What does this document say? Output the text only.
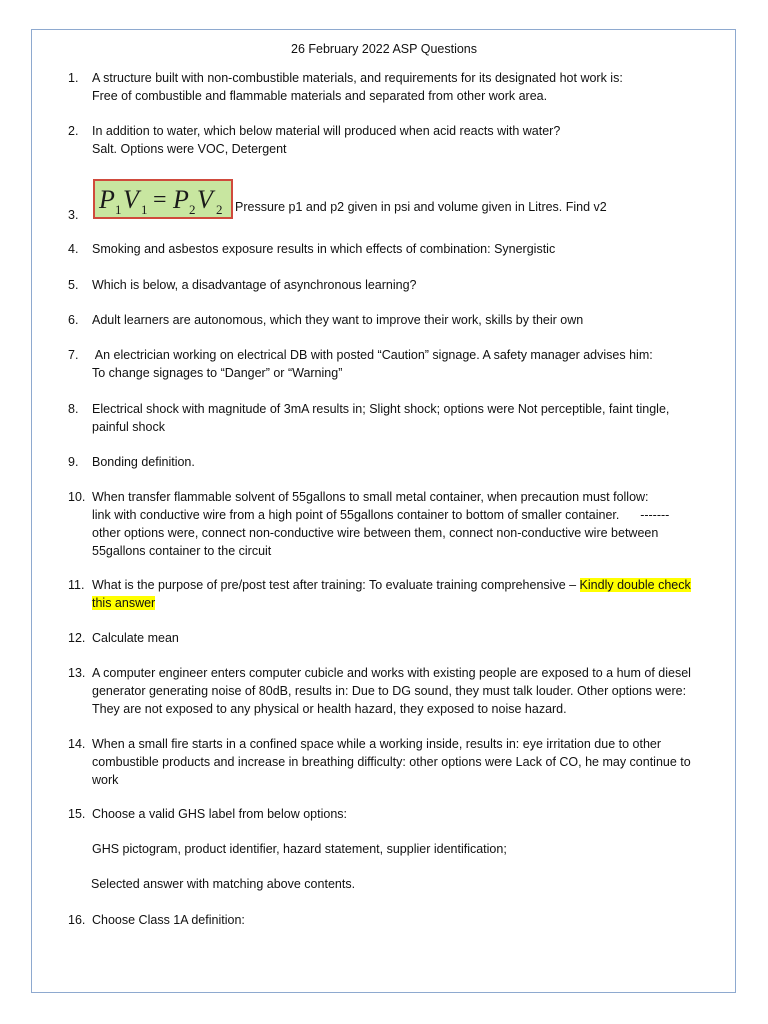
26 February 2022 ASP Questions
1.	A structure built with non-combustible materials, and requirements for its designated hot work is:
Free of combustible and flammable materials and separated from other work area.
2.	In addition to water, which below material will produced when acid reacts with water?
Salt. Options were VOC, Detergent
3.
P 1 V 1 = P 2 V 2 Pressure p1 and p2 given in psi and volume given in Litres. Find v2
4.	Smoking and asbestos exposure results in which effects of combination: Synergistic
5.	Which is below, a disadvantage of asynchronous learning?
6.	Adult learners are autonomous, which they want to improve their work, skills by their own
7.	An electrician working on electrical DB with posted “Caution” signage. A safety manager advises him:
To change signages to “Danger” or “Warning”
8.	Electrical shock with magnitude of 3mA results in; Slight shock; options were Not perceptible, faint tingle,
painful shock
9.	Bonding definition.
10. When transfer flammable solvent of 55gallons to small metal container, when precaution must follow:
link with conductive wire from a high point of 55gallons container to bottom of smaller container.      -------
other options were, connect non-conductive wire between them, connect non-conductive wire between
55gallons container to the circuit
11. What is the purpose of pre/post test after training: To evaluate training comprehensive – Kindly double check
this answer
12. Calculate mean
13. A computer engineer enters computer cubicle and works with existing people are exposed to a hum of diesel
generator generating noise of 80dB, results in: Due to DG sound, they must talk louder. Other options were:
They are not exposed to any physical or health hazard, they exposed to noise hazard.
14. When a small fire starts in a confined space while a working inside, results in: eye irritation due to other
combustible products and increase in breathing difficulty: other options were Lack of CO, he may continue to
work
15. Choose a valid GHS label from below options:
GHS pictogram, product identifier, hazard statement, supplier identification;
Selected answer with matching above contents.
16. Choose Class 1A definition:
